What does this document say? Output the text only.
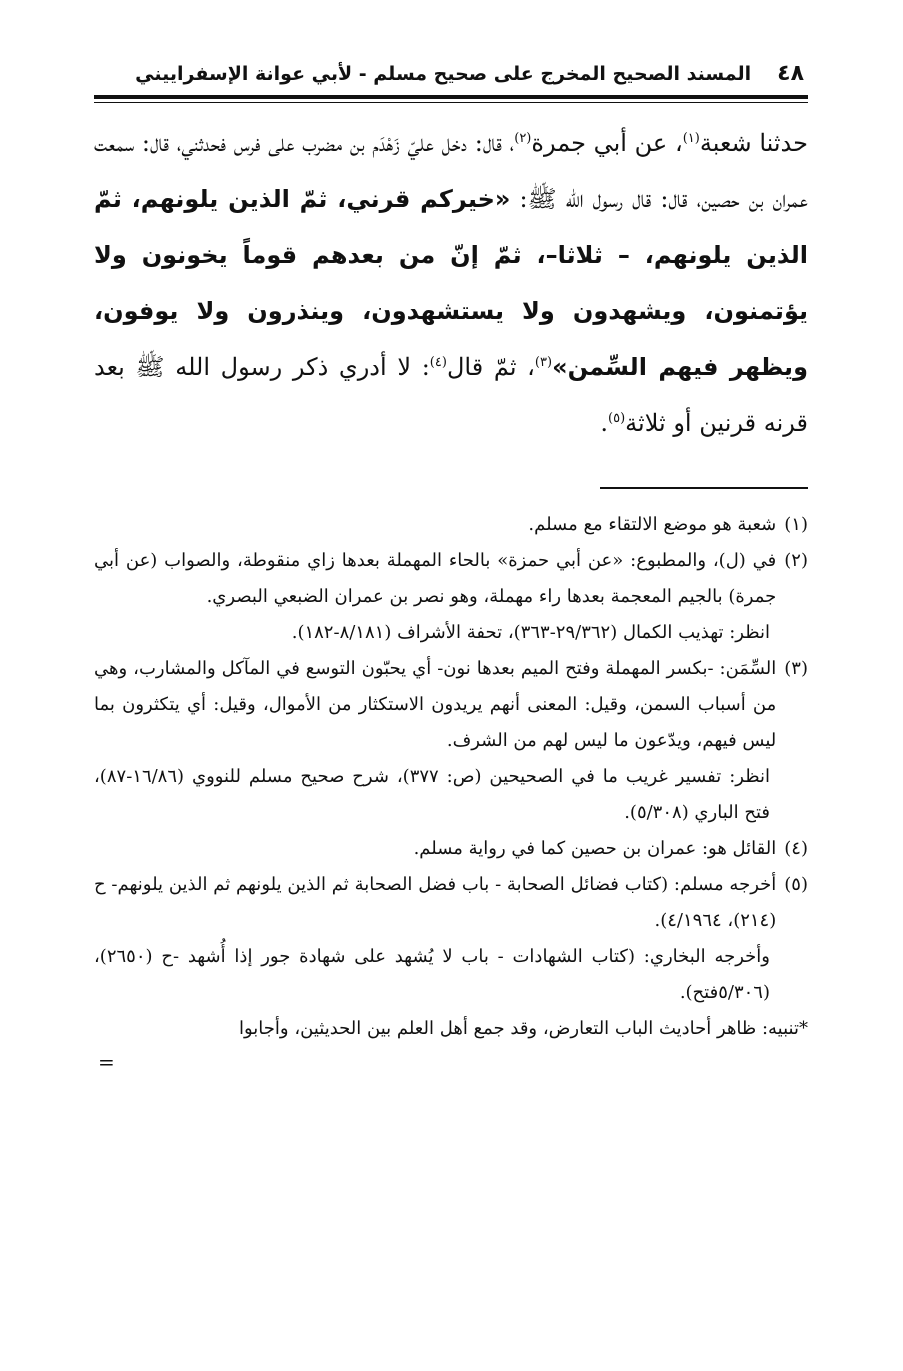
٤٨
المسند الصحيح المخرج على صحيح مسلم - لأبي عوانة الإسفراييني
حدثنا شعبة$^{(١)}$، عن أبي جمرة$^{(٢)}$، قال: دخل عليّ زَهْدَم بن مضرب على فرس فحدثني، قال: سمعت عمران بن حصين، قال: قال رسول الله ﷺ: «خيركم قرني، ثمّ الذين يلونهم، ثمّ الذين يلونهم، – ثلاثا–، ثمّ إنّ من بعدهم قوماً يخونون ولا يؤتمنون، ويشهدون ولا يستشهدون، وينذرون ولا يوفون، ويظهر فيهم السِّمن»$^{(٣)}$، ثمّ قال$^{(٤)}$: لا أدري ذكر رسول الله ﷺ بعد قرنه قرنين أو ثلاثة$^{(٥)}$.
(١)
شعبة هو موضع الالتقاء مع مسلم.
(٢)
في (ل)، والمطبوع: «عن أبي حمزة» بالحاء المهملة بعدها زاي منقوطة، والصواب (عن أبي جمرة) بالجيم المعجمة بعدها راء مهملة، وهو نصر بن عمران الضبعي البصري.
انظر: تهذيب الكمال (٢٩/٣٦٢-٣٦٣)، تحفة الأشراف (٨/١٨١-١٨٢).
(٣)
السِّمَن: -بكسر المهملة وفتح الميم بعدها نون- أي يحبّون التوسع في المآكل والمشارب، وهي من أسباب السمن، وقيل: المعنى أنهم يريدون الاستكثار من الأموال، وقيل: أي يتكثرون بما ليس فيهم، ويدّعون ما ليس لهم من الشرف.
انظر: تفسير غريب ما في الصحيحين (ص: ٣٧٧)، شرح صحيح مسلم للنووي (١٦/٨٦-٨٧)، فتح الباري (٥/٣٠٨).
(٤)
القائل هو: عمران بن حصين كما في رواية مسلم.
(٥)
أخرجه مسلم: (كتاب فضائل الصحابة - باب فضل الصحابة ثم الذين يلونهم ثم الذين يلونهم- ح (٢١٤)، ٤/١٩٦٤).
وأخرجه البخاري: (كتاب الشهادات - باب لا يُشهد على شهادة جور إذا أُشهد -ح (٢٦٥٠)، (٥/٣٠٦فتح).
*تنبيه: ظاهر أحاديث الباب التعارض، وقد جمع أهل العلم بين الحديثين، وأجابوا
=
